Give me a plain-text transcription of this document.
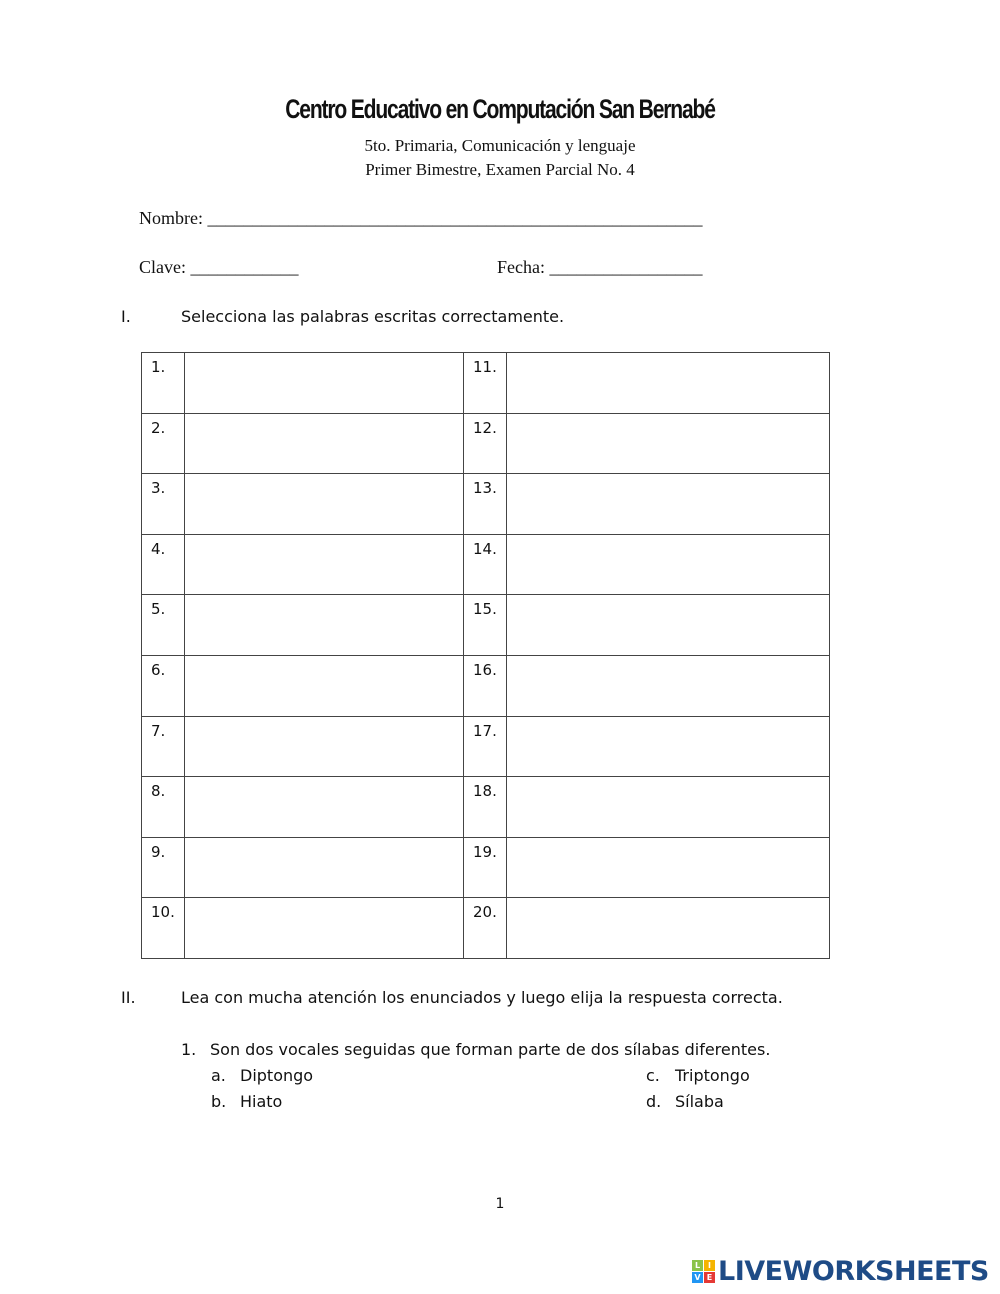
Centro Educativo en Computación San Bernabé
5to. Primaria, Comunicación y lenguaje
Primer Bimestre, Examen Parcial No. 4
Nombre: _______________________________________________________
Clave: ____________	Fecha: _________________
I.	Selecciona las palabras escritas correctamente.
1.		11.	
2.		12.	
3.		13.	
4.		14.	
5.		15.	
6.		16.	
7.		17.	
8.		18.	
9.		19.	
10.		20.	
II.	Lea con mucha atención los enunciados y luego elija la respuesta correcta.
1. Son dos vocales seguidas que forman parte de dos sílabas diferentes.
a. Diptongo
b. Hiato
c. Triptongo
d. Sílaba
1
L I
V E LIVEWORKSHEETS
